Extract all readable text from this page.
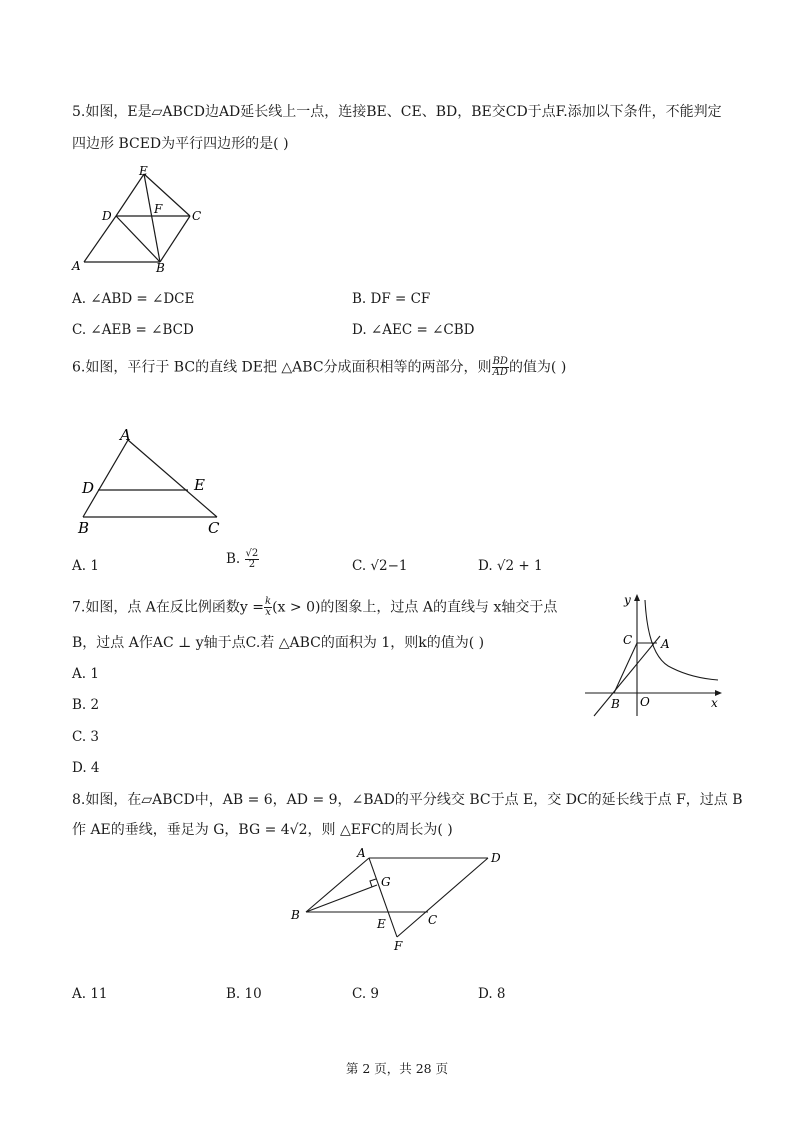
5.如图，E是▱ABCD边AD延长线上一点，连接BE、CE、BD，BE交CD于点F.添加以下条件，不能判定
四边形 BCED为平行四边形的是( )
E
D	F C
A	B
A. ∠ABD = ∠DCE	B. DF = CF
C. ∠AEB = ∠BCD	D. ∠AEC = ∠CBD
6.如图，平行于 BC的直线 DE把 △ABC分成面积相等的两部分，则 $\frac{BD}{AD}$ 的值为( )
A
D	E
B	C
A. 1	B. $\frac{√2}{2}$	C. √2−1	D. √2 + 1
7.如图，点 A在反比例函数$y = \frac{k}{x} (x > 0)$的图象上，过点 A的直线与 x轴交于点
B，过点 A作AC ⊥ y轴于点C.若 △ABC的面积为 1，则k的值为( )
A. 1
B. 2
C. 3
D. 4
y
x
C A
B O
8.如图，在▱ABCD中，AB = 6，AD = 9，∠BAD的平分线交 BC于点 E，交 DC的延长线于点 F，过点 B
作 AE的垂线，垂足为 G，BG = 4√2，则 △EFC的周长为( )
A	D
G
B
E	C
F
A. 11	B. 10	C. 9	D. 8
第 2 页，共 28 页
